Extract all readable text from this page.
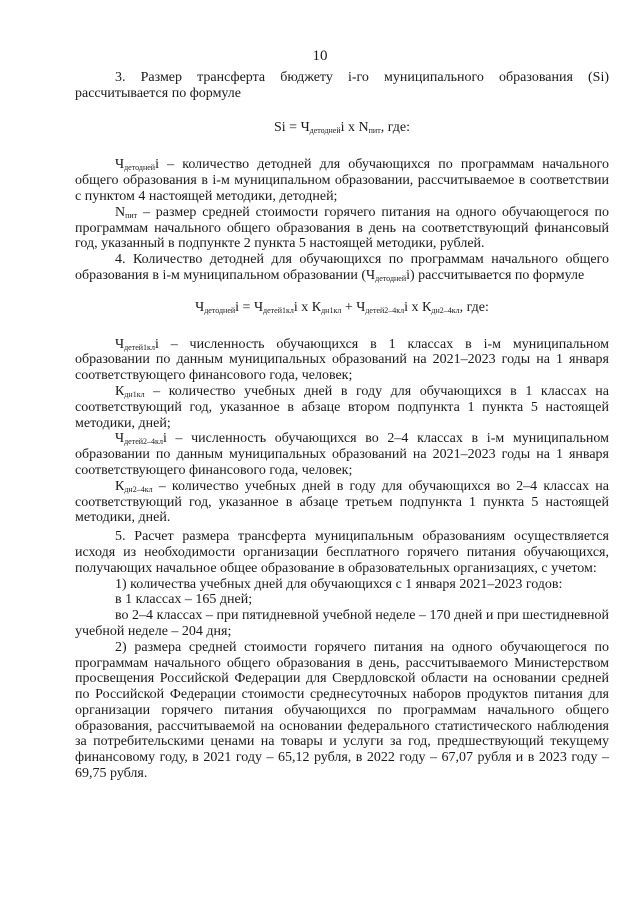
10

3. Размер трансферта бюджету i-го муниципального образования (Si) рассчитывается по формуле

$Si = Ч_{детодней}i$ х $N_{пит}$, где:

$Ч_{детодней}i$ – количество детодней для обучающихся по программам начального общего образования в i-м муниципальном образовании, рассчитываемое в соответствии с пунктом 4 настоящей методики, детодней;

$N_{пит}$ – размер средней стоимости горячего питания на одного обучающегося по программам начального общего образования в день на соответствующий финансовый год, указанный в подпункте 2 пункта 5 настоящей методики, рублей.

4. Количество детодней для обучающихся по программам начального общего образования в i-м муниципальном образовании $(Ч_{детодней}i)$ рассчитывается по формуле

$Ч_{детодней}i = Ч_{детей1кл}i$ х $К_{дн1кл} + Ч_{детей2-4кл}i$ х $К_{дн2-4кл}$, где:

$Ч_{детей1кл}i$ – численность обучающихся в 1 классах в i-м муниципальном образовании по данным муниципальных образований на 2021–2023 годы на 1 января соответствующего финансового года, человек;

$К_{дн1кл}$ – количество учебных дней в году для обучающихся в 1 классах на соответствующий год, указанное в абзаце втором подпункта 1 пункта 5 настоящей методики, дней;

$Ч_{детей2-4кл}i$ – численность обучающихся во 2–4 классах в i-м муниципальном образовании по данным муниципальных образований на 2021–2023 годы на 1 января соответствующего финансового года, человек;

$К_{дн2-4кл}$ – количество учебных дней в году для обучающихся во 2–4 классах на соответствующий год, указанное в абзаце третьем подпункта 1 пункта 5 настоящей методики, дней.

5. Расчет размера трансферта муниципальным образованиям осуществляется исходя из необходимости организации бесплатного горячего питания обучающихся, получающих начальное общее образование в образовательных организациях, с учетом:

1) количества учебных дней для обучающихся с 1 января 2021–2023 годов:

в 1 классах – 165 дней;

во 2–4 классах – при пятидневной учебной неделе – 170 дней и при шестидневной учебной неделе – 204 дня;

2) размера средней стоимости горячего питания на одного обучающегося по программам начального общего образования в день, рассчитываемого Министерством просвещения Российской Федерации для Свердловской области на основании средней по Российской Федерации стоимости среднесуточных наборов продуктов питания для организации горячего питания обучающихся по программам начального общего образования, рассчитываемой на основании федерального статистического наблюдения за потребительскими ценами на товары и услуги за год, предшествующий текущему финансовому году, в 2021 году – 65,12 рубля, в 2022 году – 67,07 рубля и в 2023 году – 69,75 рубля.
